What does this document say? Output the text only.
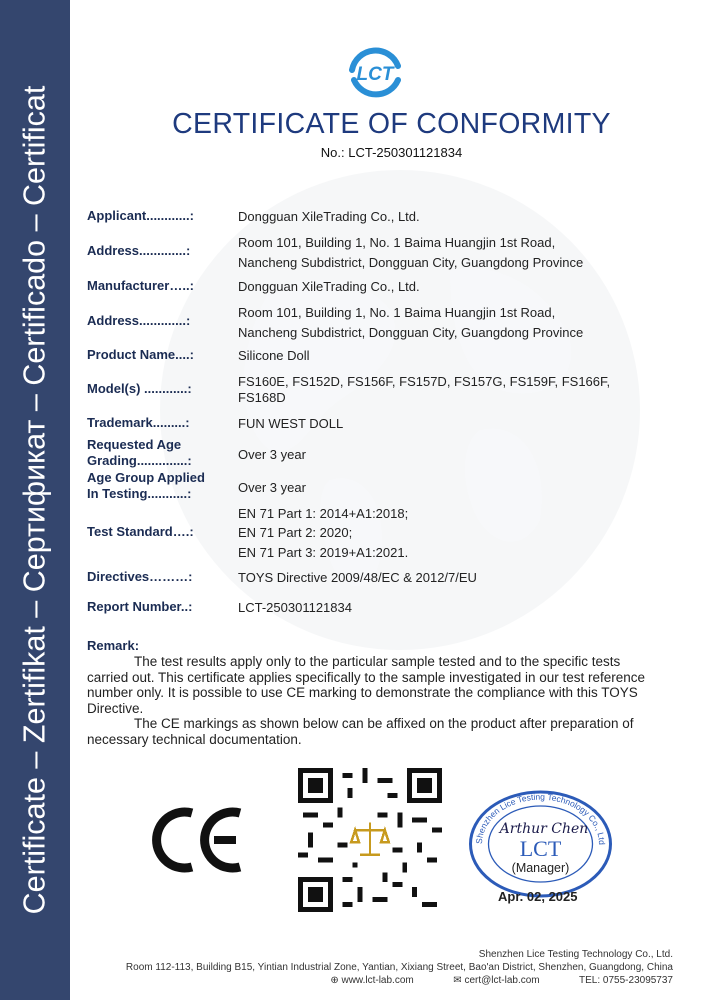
Certificate – Zertifikat – Сертификат – Certificado – Certificat
LCT
CERTIFICATE OF CONFORMITY
No.: LCT-250301121834
Applicant............:	Dongguan XileTrading Co., Ltd.
Address.............:
Room 101, Building 1, No. 1 Baima Huangjin 1st Road,
Nancheng Subdistrict, Dongguan City, Guangdong Province
Manufacturer…..:	Dongguan XileTrading Co., Ltd.
Address.............:
Room 101, Building 1, No. 1 Baima Huangjin 1st Road,
Nancheng Subdistrict, Dongguan City, Guangdong Province
Product Name....:	Silicone Doll
Model(s) ............:	FS160E, FS152D, FS156F, FS157D, FS157G, FS159F, FS166F,
FS168D
Trademark.........:	FUN WEST DOLL
Requested Age
Grading..............:	Over 3 year
Age Group Applied
In Testing...........:	Over 3 year
Test Standard….:
EN 71 Part 1: 2014+A1:2018;
EN 71 Part 2: 2020;
EN 71 Part 3: 2019+A1:2021.
Directives………:	TOYS Directive 2009/48/EC & 2012/7/EU
Report Number..:	LCT-250301121834
Remark:
The test results apply only to the particular sample tested and to the specific tests carried out. This certificate applies specifically to the sample investigated in our test reference number only. It is possible to use CE marking to demonstrate the compliance with this TOYS Directive.
The CE markings as shown below can be affixed on the product after preparation of necessary technical documentation.
Shenzhen Lice Testing Technology Co., Ltd
LCT
Arthur Chen
(Manager)
Apr. 02, 2025
Shenzhen Lice Testing Technology Co., Ltd.
Room 112-113, Building B15, Yintian Industrial Zone, Yantian, Xixiang Street, Bao'an District, Shenzhen, Guangdong, China
⊕ www.lct-lab.com	✉ cert@lct-lab.com	TEL: 0755-23095737
